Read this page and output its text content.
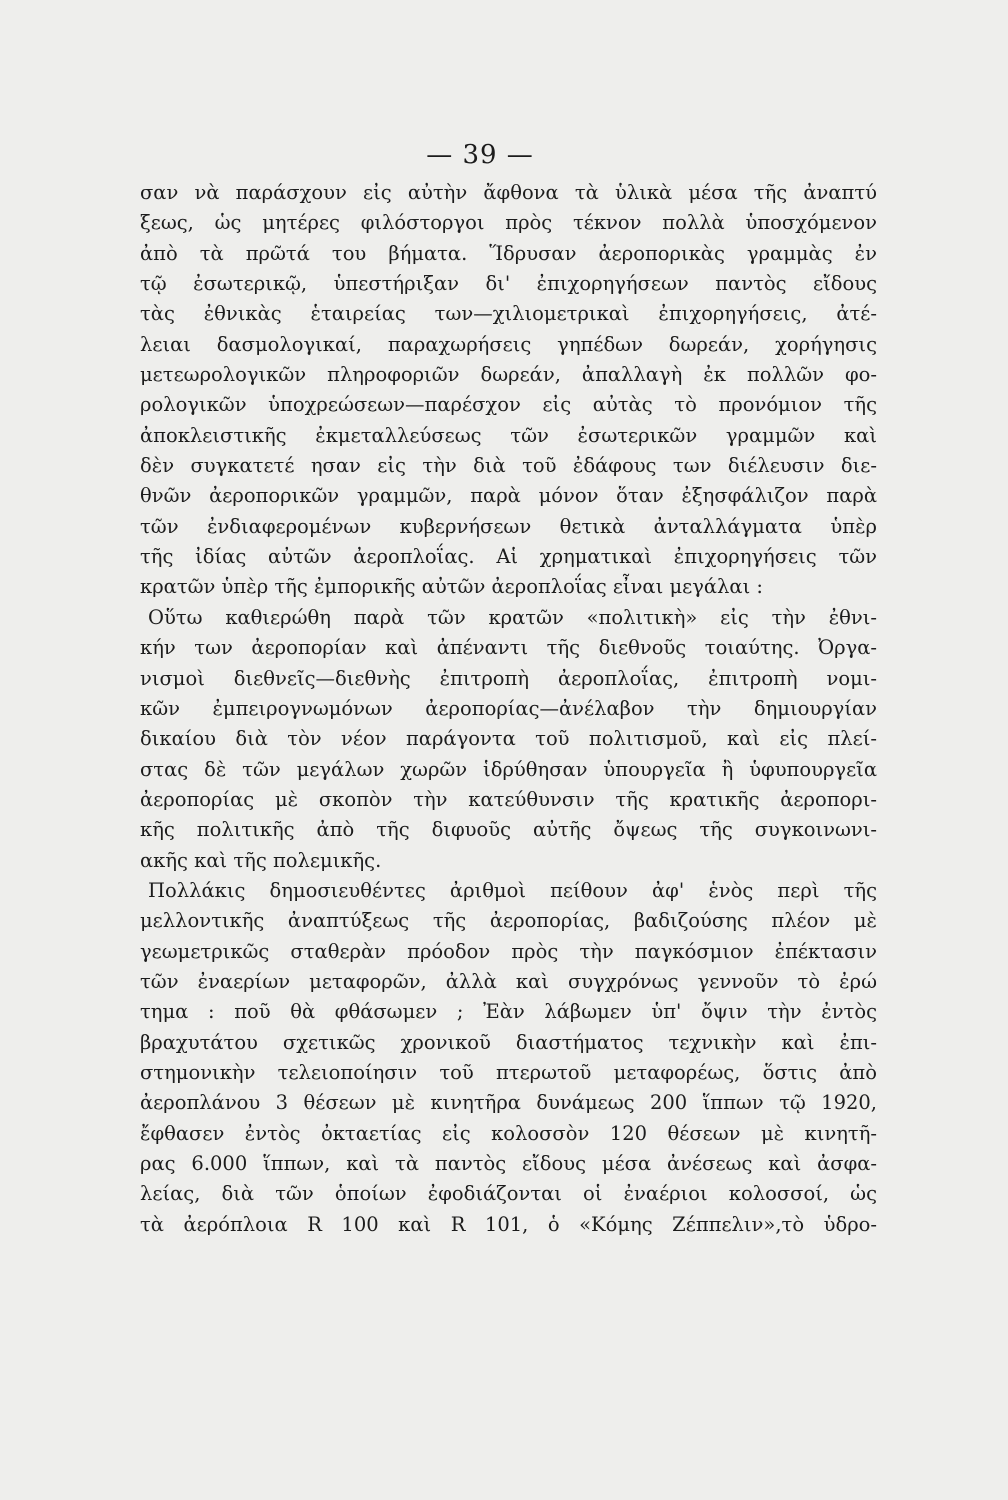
— 39 —
σαν νὰ παράσχουν εἰς αὐτὴν ἄφθονα τὰ ὑλικὰ μέσα τῆς ἀναπτύ
ξεως, ὡς μητέρες φιλόστοργοι πρὸς τέκνον πολλὰ ὑποσχόμενον
ἀπὸ τὰ πρῶτά του βήματα. Ἵδρυσαν ἀεροπορικὰς γραμμὰς ἐν
τῷ ἐσωτερικῷ, ὑπεστήριξαν δι' ἐπιχορηγήσεων παντὸς εἴδους
τὰς ἐθνικὰς ἑταιρείας των—χιλιομετρικαὶ ἐπιχορηγήσεις, ἀτέ-
λειαι δασμολογικαί, παραχωρήσεις γηπέδων δωρεάν, χορήγησις
μετεωρολογικῶν πληροφοριῶν δωρεάν, ἀπαλλαγὴ ἐκ πολλῶν φο-
ρολογικῶν ὑποχρεώσεων—παρέσχον εἰς αὐτὰς τὸ προνόμιον τῆς
ἀποκλειστικῆς ἐκμεταλλεύσεως τῶν ἐσωτερικῶν γραμμῶν καὶ
δὲν συγκατετέ ησαν εἰς τὴν διὰ τοῦ ἐδάφους των διέλευσιν διε-
θνῶν ἀεροπορικῶν γραμμῶν, παρὰ μόνον ὅταν ἐξησφάλιζον παρὰ
τῶν ἐνδιαφερομένων κυβερνήσεων θετικὰ ἀνταλλάγματα ὑπὲρ
τῆς ἰδίας αὐτῶν ἀεροπλοΐας. Αἱ χρηματικαὶ ἐπιχορηγήσεις τῶν
κρατῶν ὑπὲρ τῆς ἐμπορικῆς αὐτῶν ἀεροπλοΐας εἶναι μεγάλαι :
Οὕτω καθιερώθη παρὰ τῶν κρατῶν «πολιτικὴ» εἰς τὴν ἐθνι-
κήν των ἀεροπορίαν καὶ ἀπέναντι τῆς διεθνοῦς τοιαύτης. Ὀργα-
νισμοὶ διεθνεῖς—διεθνὴς ἐπιτροπὴ ἀεροπλοΐας, ἐπιτροπὴ νομι-
κῶν ἐμπειρογνωμόνων ἀεροπορίας—ἀνέλαβον τὴν δημιουργίαν
δικαίου διὰ τὸν νέον παράγοντα τοῦ πολιτισμοῦ, καὶ εἰς πλεί-
στας δὲ τῶν μεγάλων χωρῶν ἱδρύθησαν ὑπουργεῖα ἢ ὑφυπουργεῖα
ἀεροπορίας μὲ σκοπὸν τὴν κατεύθυνσιν τῆς κρατικῆς ἀεροπορι-
κῆς πολιτικῆς ἀπὸ τῆς διφυοῦς αὐτῆς ὄψεως τῆς συγκοινωνι-
ακῆς καὶ τῆς πολεμικῆς.
Πολλάκις δημοσιευθέντες ἀριθμοὶ πείθουν ἀφ' ἑνὸς περὶ τῆς
μελλοντικῆς ἀναπτύξεως τῆς ἀεροπορίας, βαδιζούσης πλέον μὲ
γεωμετρικῶς σταθερὰν πρόοδον πρὸς τὴν παγκόσμιον ἐπέκτασιν
τῶν ἐναερίων μεταφορῶν, ἀλλὰ καὶ συγχρόνως γεννοῦν τὸ ἐρώ
τημα : ποῦ θὰ φθάσωμεν ; Ἐὰν λάβωμεν ὑπ' ὄψιν τὴν ἐντὸς
βραχυτάτου σχετικῶς χρονικοῦ διαστήματος τεχνικὴν καὶ ἐπι-
στημονικὴν τελειοποίησιν τοῦ πτερωτοῦ μεταφορέως, ὅστις ἀπὸ
ἀεροπλάνου 3 θέσεων μὲ κινητῆρα δυνάμεως 200 ἵππων τῷ 1920,
ἔφθασεν ἐντὸς ὀκταετίας εἰς κολοσσὸν 120 θέσεων μὲ κινητῆ-
ρας 6.000 ἵππων, καὶ τὰ παντὸς εἴδους μέσα ἀνέσεως καὶ ἀσφα-
λείας, διὰ τῶν ὁποίων ἐφοδιάζονται οἱ ἐναέριοι κολοσσοί, ὡς
τὰ ἀερόπλοια R 100 καὶ R 101, ὁ «Κόμης Ζέππελιν»,τὸ ὑδρο-
